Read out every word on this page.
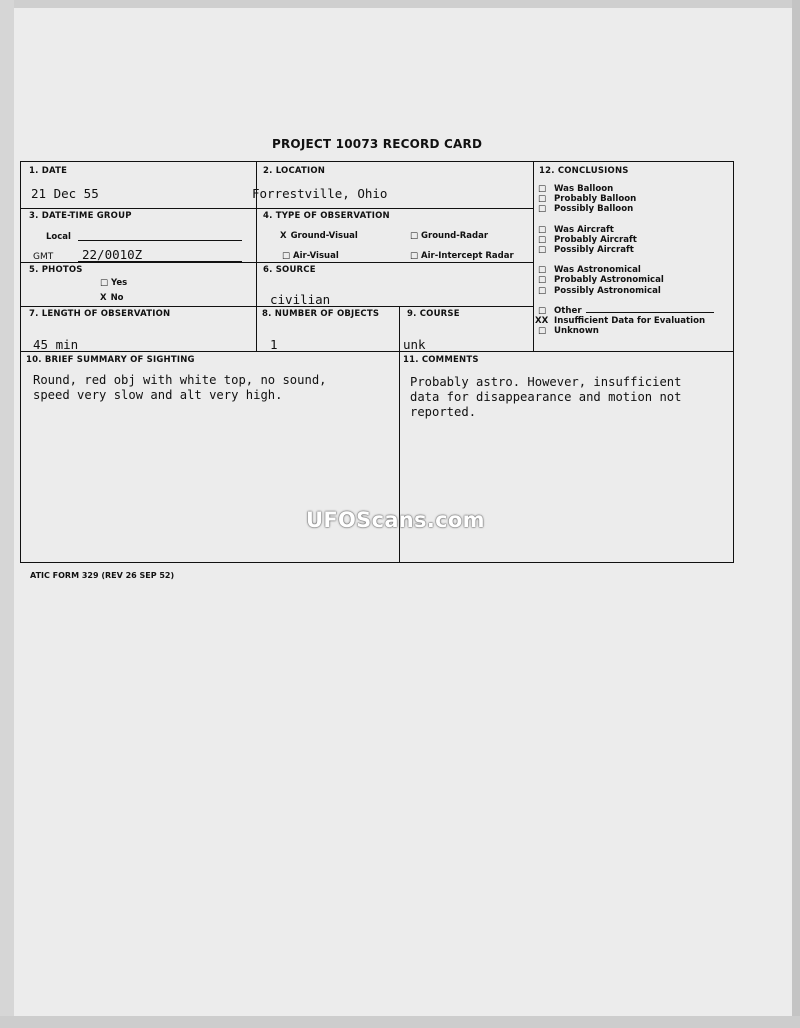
PROJECT 10073 RECORD CARD
1. DATE
21 Dec 55
2. LOCATION
Forrestville, Ohio
3. DATE-TIME GROUP
Local
GMT 22/0010Z
4. TYPE OF OBSERVATION
X Ground-Visual	□ Ground-Radar
□ Air-Visual	□ Air-Intercept Radar
5. PHOTOS
□ Yes
X No
6. SOURCE
civilian
7. LENGTH OF OBSERVATION
45 min
8. NUMBER OF OBJECTS
1
9. COURSE
unk
10. BRIEF SUMMARY OF SIGHTING
Round, red obj with white top, no sound,
speed very slow and alt very high.
11. COMMENTS
Probably astro. However, insufficient
data for disappearance and motion not
reported.
12. CONCLUSIONS
□ Was Balloon
□ Probably Balloon
□ Possibly Balloon
□ Was Aircraft
□ Probably Aircraft
□ Possibly Aircraft
□ Was Astronomical
□ Probably Astronomical
□ Possibly Astronomical
□ Other
XX Insufficient Data for Evaluation
□ Unknown
UFOScans.com
ATIC FORM 329 (REV 26 SEP 52)
